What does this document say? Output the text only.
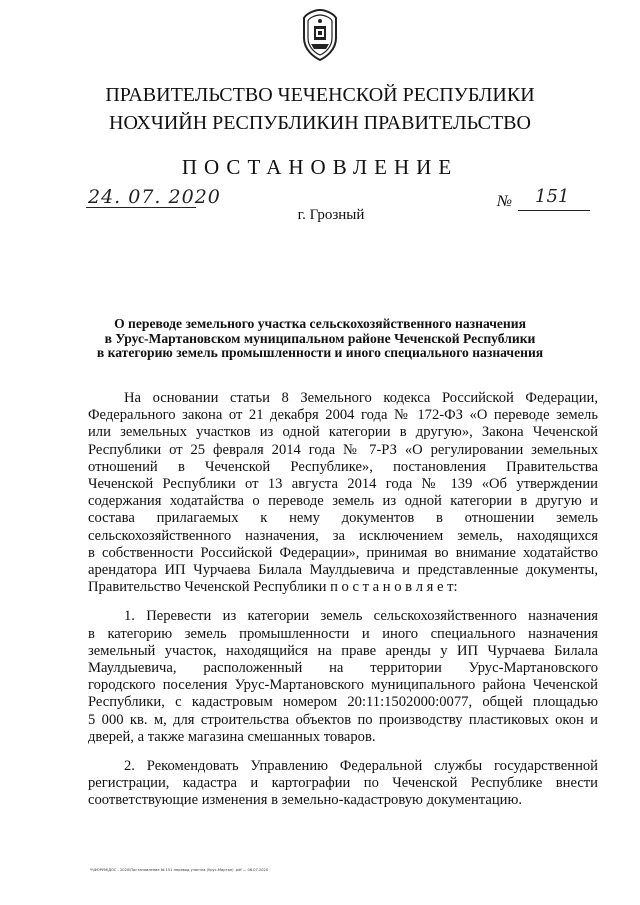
ПРАВИТЕЛЬСТВО ЧЕЧЕНСКОЙ РЕСПУБЛИКИ
НОХЧИЙН РЕСПУБЛИКИН ПРАВИТЕЛЬСТВО
ПОСТАНОВЛЕНИЕ
24. 07. 2020	№ 151
г. Грозный
О переводе земельного участка сельскохозяйственного назначения
в Урус-Мартановском муниципальном районе Чеченской Республики
в категорию земель промышленности и иного специального назначения
На основании статьи 8 Земельного кодекса Российской Федерации,
Федерального закона от 21 декабря 2004 года № 172-ФЗ «О переводе земель
или земельных участков из одной категории в другую», Закона Чеченской
Республики от 25 февраля 2014 года № 7-РЗ «О регулировании земельных
отношений в Чеченской Республике», постановления Правительства
Чеченской Республики от 13 августа 2014 года № 139 «Об утверждении
содержания ходатайства о переводе земель из одной категории в другую и
состава прилагаемых к нему документов в отношении земель
сельскохозяйственного назначения, за исключением земель, находящихся
в собственности Российской Федерации», принимая во внимание ходатайство
арендатора ИП Чурчаева Билала Маулдыевича и представленные документы,
Правительство Чеченской Республики п о с т а н о в л я е т:
1. Перевести из категории земель сельскохозяйственного назначения
в категорию земель промышленности и иного специального назначения
земельный участок, находящийся на праве аренды у ИП Чурчаева Билала
Маулдыевича, расположенный на территории Урус-Мартановского
городского поселения Урус-Мартановского муниципального района Чеченской
Республики, с кадастровым номером 20:11:1502000:0077, общей площадью
5 000 кв. м, для строительства объектов по производству пластиковых окон и
дверей, а также магазина смешанных товаров.
2. Рекомендовать Управлению Федеральной службы государственной
регистрации, кадастра и картографии по Чеченской Республике внести
соответствующие изменения в земельно-кадастровую документацию.
Ч\ФОРУМ\ДОС - 2020\Постановление № 151 перевод участка (Урус-Мартан) .pdf — 06.07.2020
